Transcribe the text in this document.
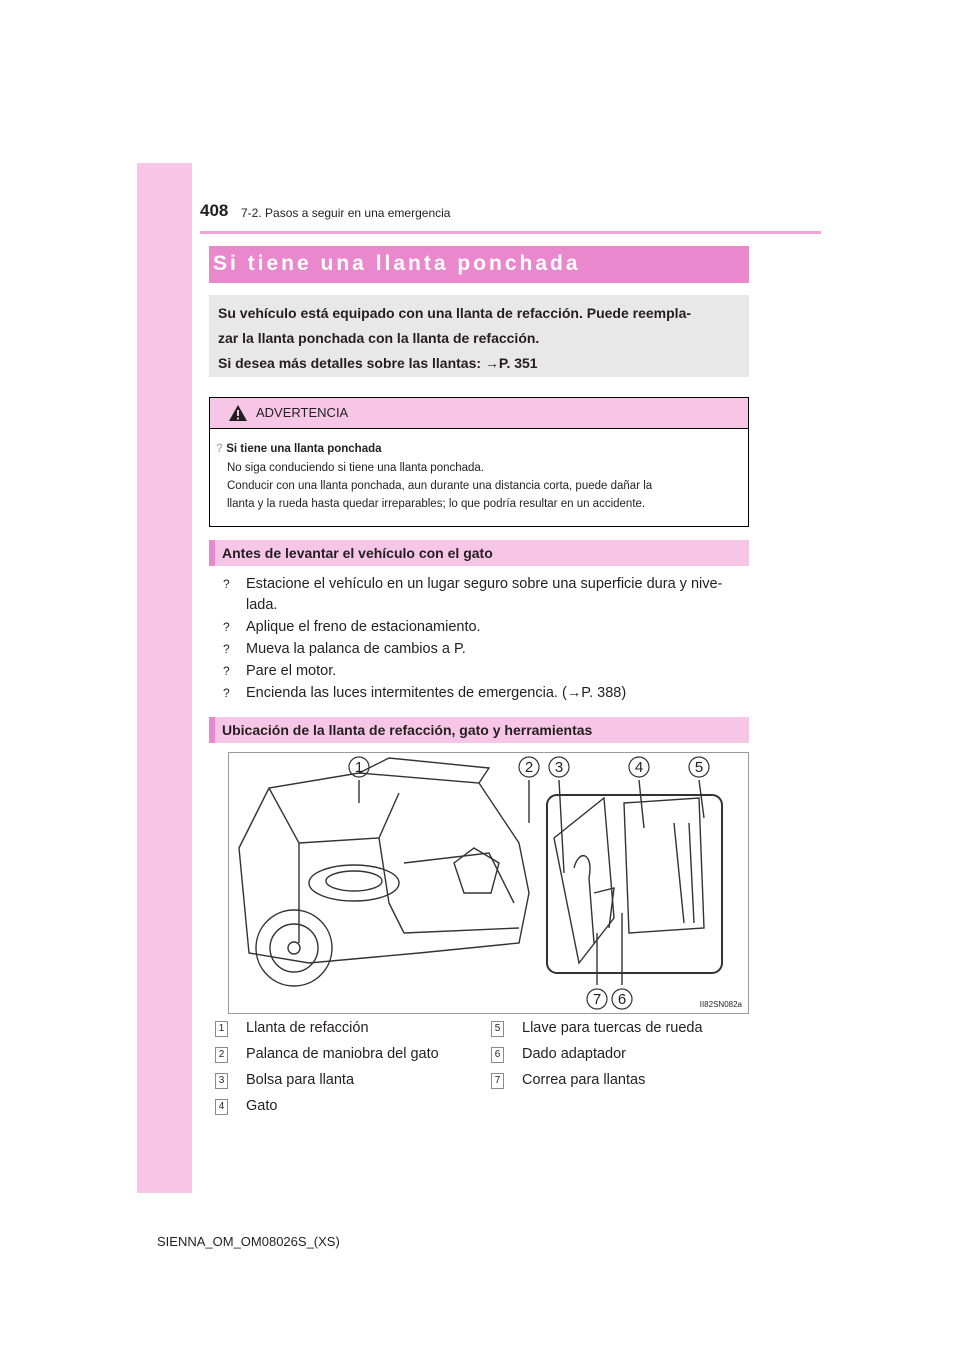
408 7-2. Pasos a seguir en una emergencia
Si tiene una llanta ponchada

Su vehículo está equipado con una llanta de refacción. Puede reempla-

zar la llanta ponchada con la llanta de refacción.

Si desea más detalles sobre las llantas: →P. 351

ADVERTENCIA

? Si tiene una llanta ponchada

No siga conduciendo si tiene una llanta ponchada.

Conducir con una llanta ponchada, aun durante una distancia corta, puede dañar la

llanta y la rueda hasta quedar irreparables; lo que podría resultar en un accidente.

Antes de levantar el vehículo con el gato
? Estacione el vehículo en un lugar seguro sobre una superficie dura y nive-
lada.
? Aplique el freno de estacionamiento.
? Mueva la palanca de cambios a P.
? Pare el motor.
? Encienda las luces intermitentes de emergencia. (→P. 388)
Ubicación de la llanta de refacción, gato y herramientas
1	2 3	4	5
6
7	II82SN082a
1 Llanta de refacción
2 Palanca de maniobra del gato
3 Bolsa para llanta
4 Gato
5 Llave para tuercas de rueda
6 Dado adaptador
7 Correa para llantas
SIENNA_OM_OM08026S_(XS)
